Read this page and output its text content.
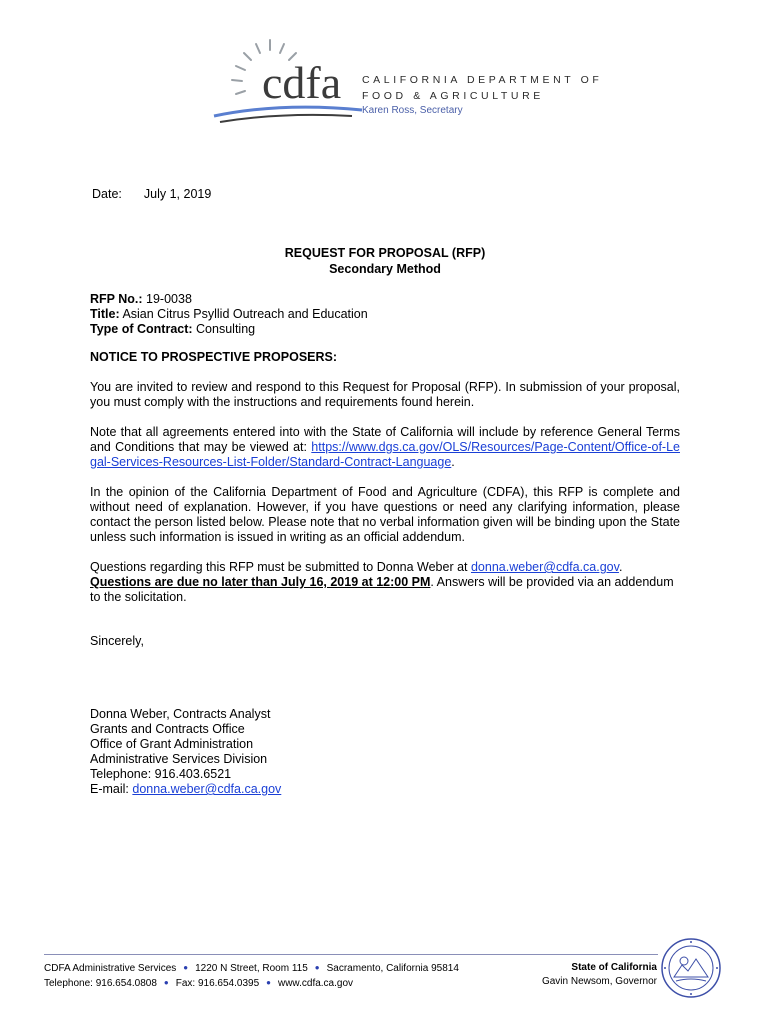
cdfa CALIFORNIA DEPARTMENT OF
FOOD & AGRICULTURE
Karen Ross, Secretary
Date: July 1, 2019
REQUEST FOR PROPOSAL (RFP)
Secondary Method
RFP No.: 19-0038
Title: Asian Citrus Psyllid Outreach and Education
Type of Contract: Consulting
NOTICE TO PROSPECTIVE PROPOSERS:
You are invited to review and respond to this Request for Proposal (RFP). In submission of your proposal, you must comply with the instructions and requirements found herein.
Note that all agreements entered into with the State of California will include by reference General Terms and Conditions that may be viewed at: https://www.dgs.ca.gov/OLS/Resources/Page-Content/Office-of-Legal-Services-Resources-List-Folder/Standard-Contract-Language.
In the opinion of the California Department of Food and Agriculture (CDFA), this RFP is complete and without need of explanation. However, if you have questions or need any clarifying information, please contact the person listed below. Please note that no verbal information given will be binding upon the State unless such information is issued in writing as an official addendum.
Questions regarding this RFP must be submitted to Donna Weber at donna.weber@cdfa.ca.gov.
Questions are due no later than July 16, 2019 at 12:00 PM. Answers will be provided via an addendum to the solicitation.
Sincerely,
Donna Weber, Contracts Analyst
Grants and Contracts Office
Office of Grant Administration
Administrative Services Division
Telephone: 916.403.6521
E-mail: donna.weber@cdfa.ca.gov
CDFA Administrative Services ● 1220 N Street, Room 115 ● Sacramento, California 95814
Telephone: 916.654.0808 ● Fax: 916.654.0395 ● www.cdfa.ca.gov
State of California
Gavin Newsom, Governor
